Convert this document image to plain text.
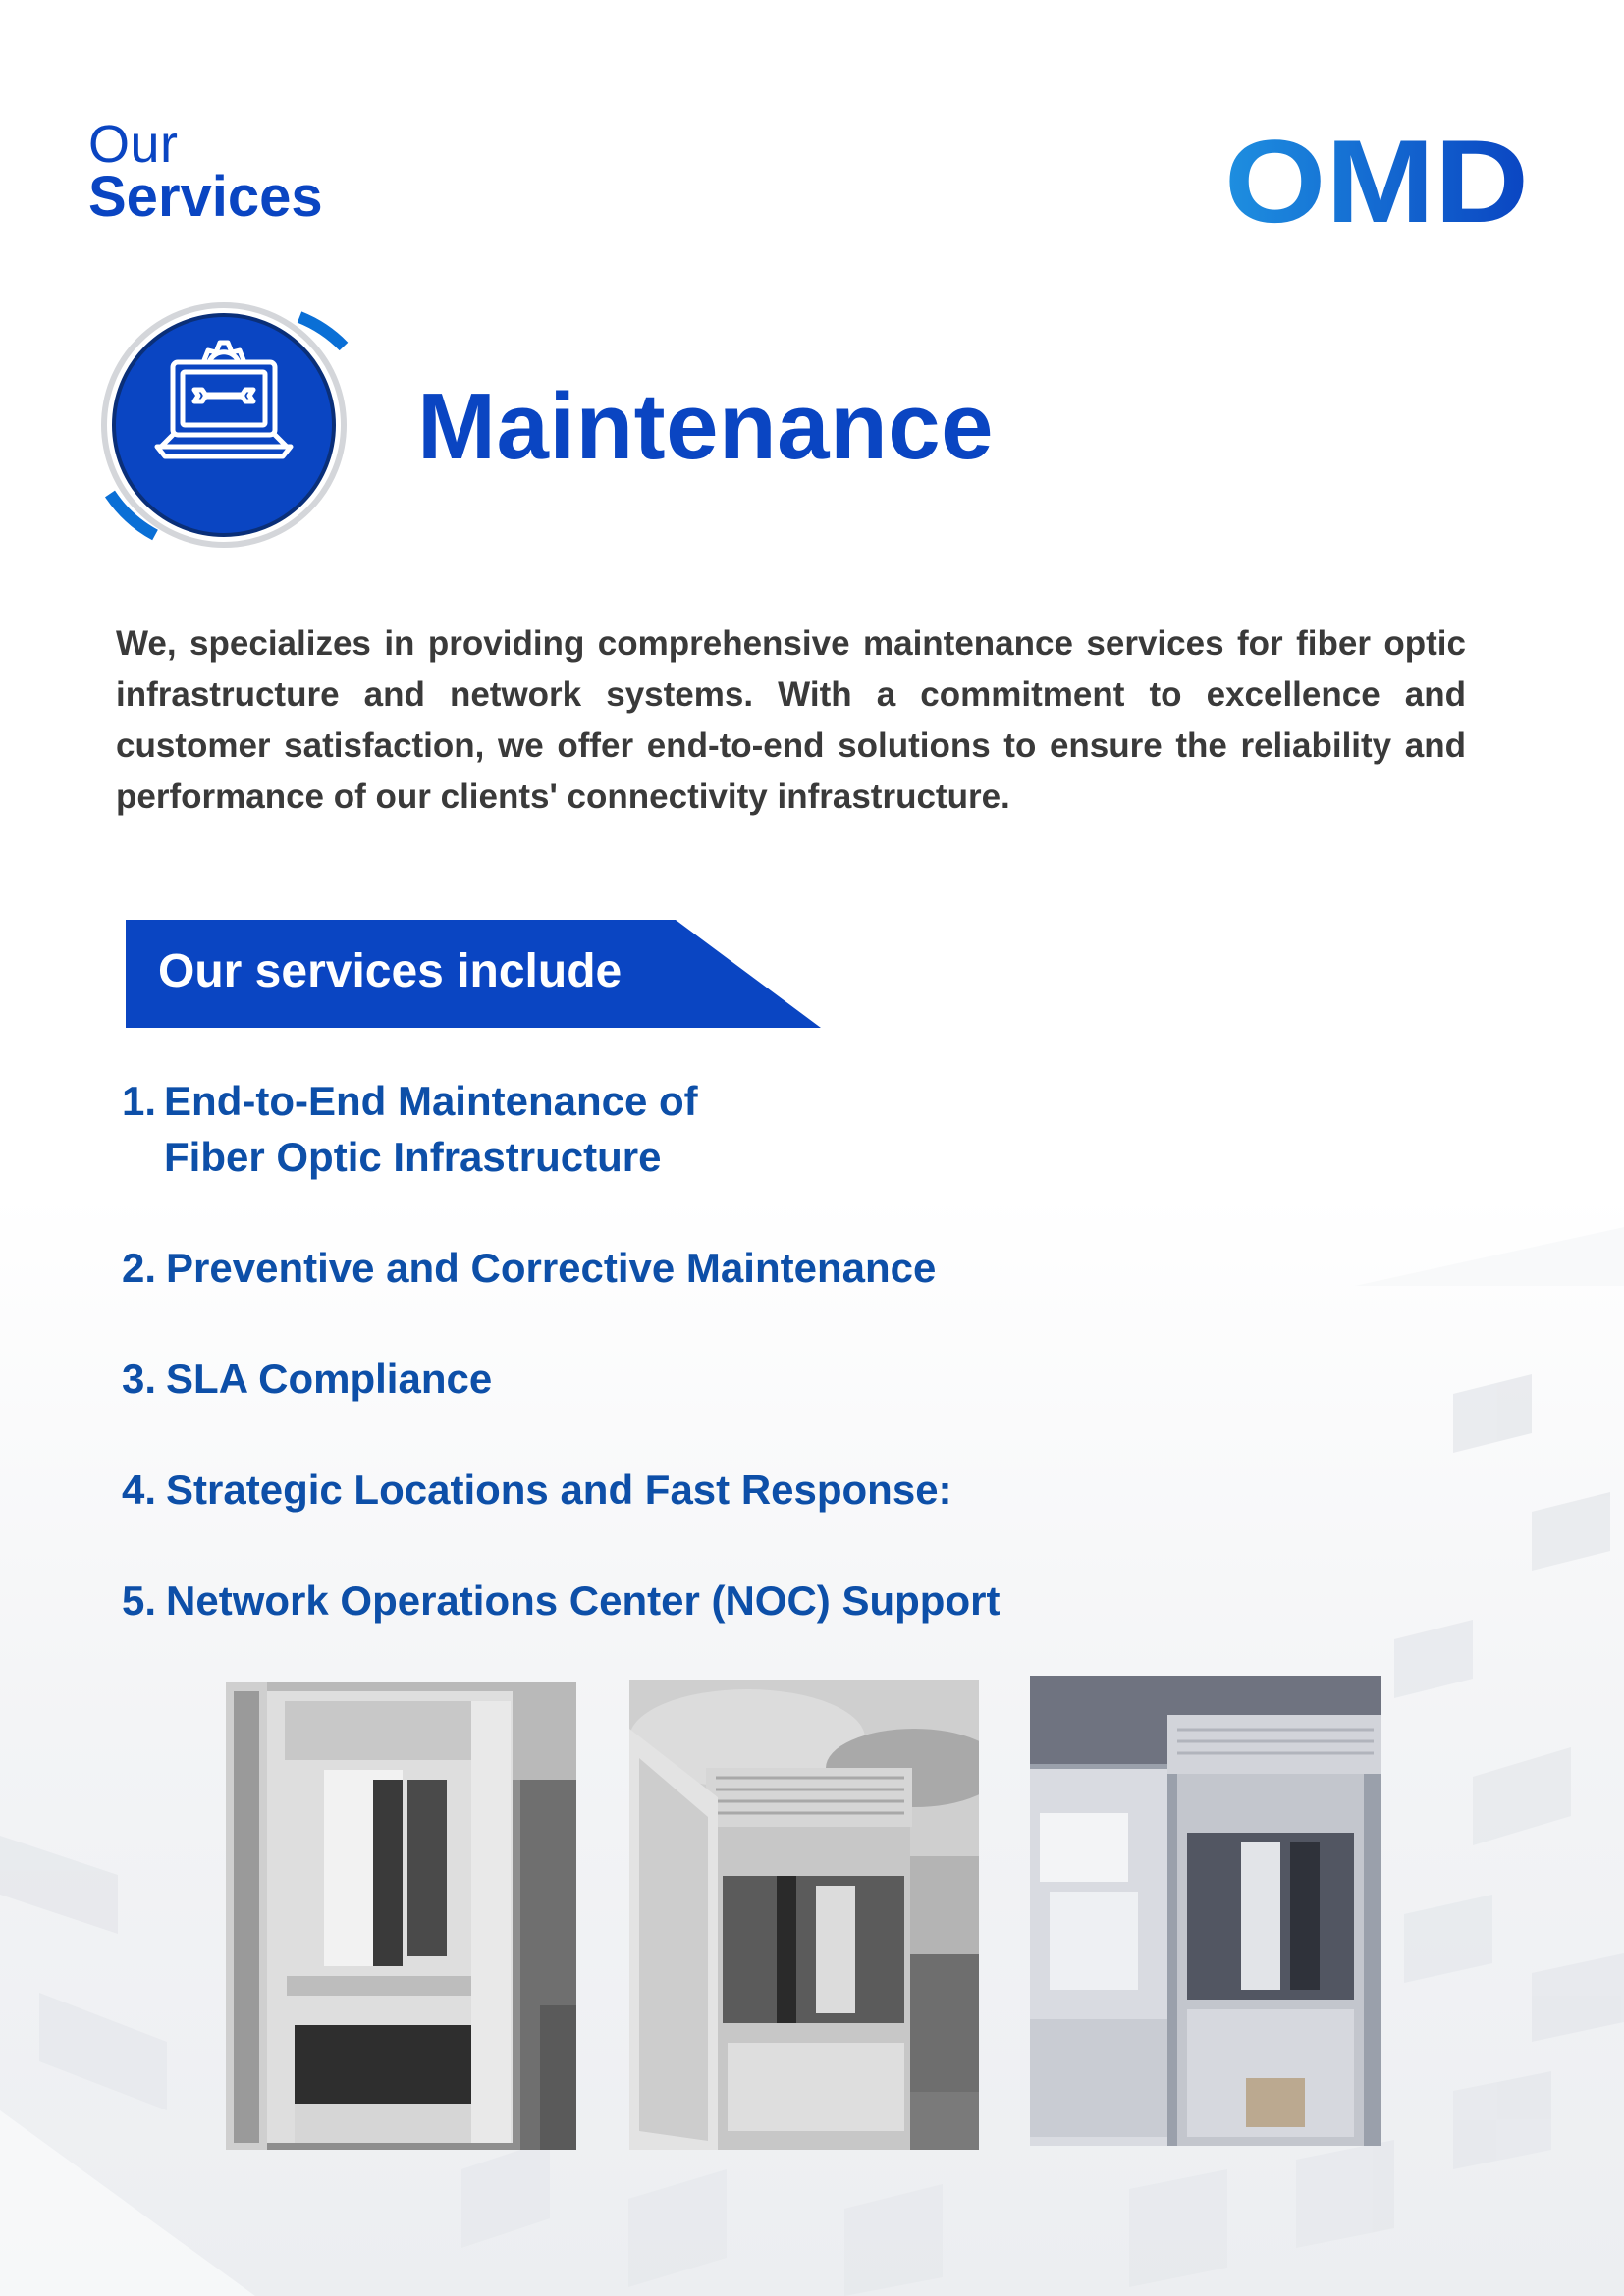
Our
Services	OMD
Maintenance

We, specializes in providing comprehensive maintenance services for fiber optic infrastructure and network systems. With a commitment to excellence and customer satisfaction, we offer end-to-end solutions to ensure the reliability and performance of our clients' connectivity infrastructure.

Our services include
1. End-to-End Maintenance of
Fiber Optic Infrastructure
2. Preventive and Corrective Maintenance
3. SLA Compliance
4. Strategic Locations and Fast Response:
5. Network Operations Center (NOC) Support
